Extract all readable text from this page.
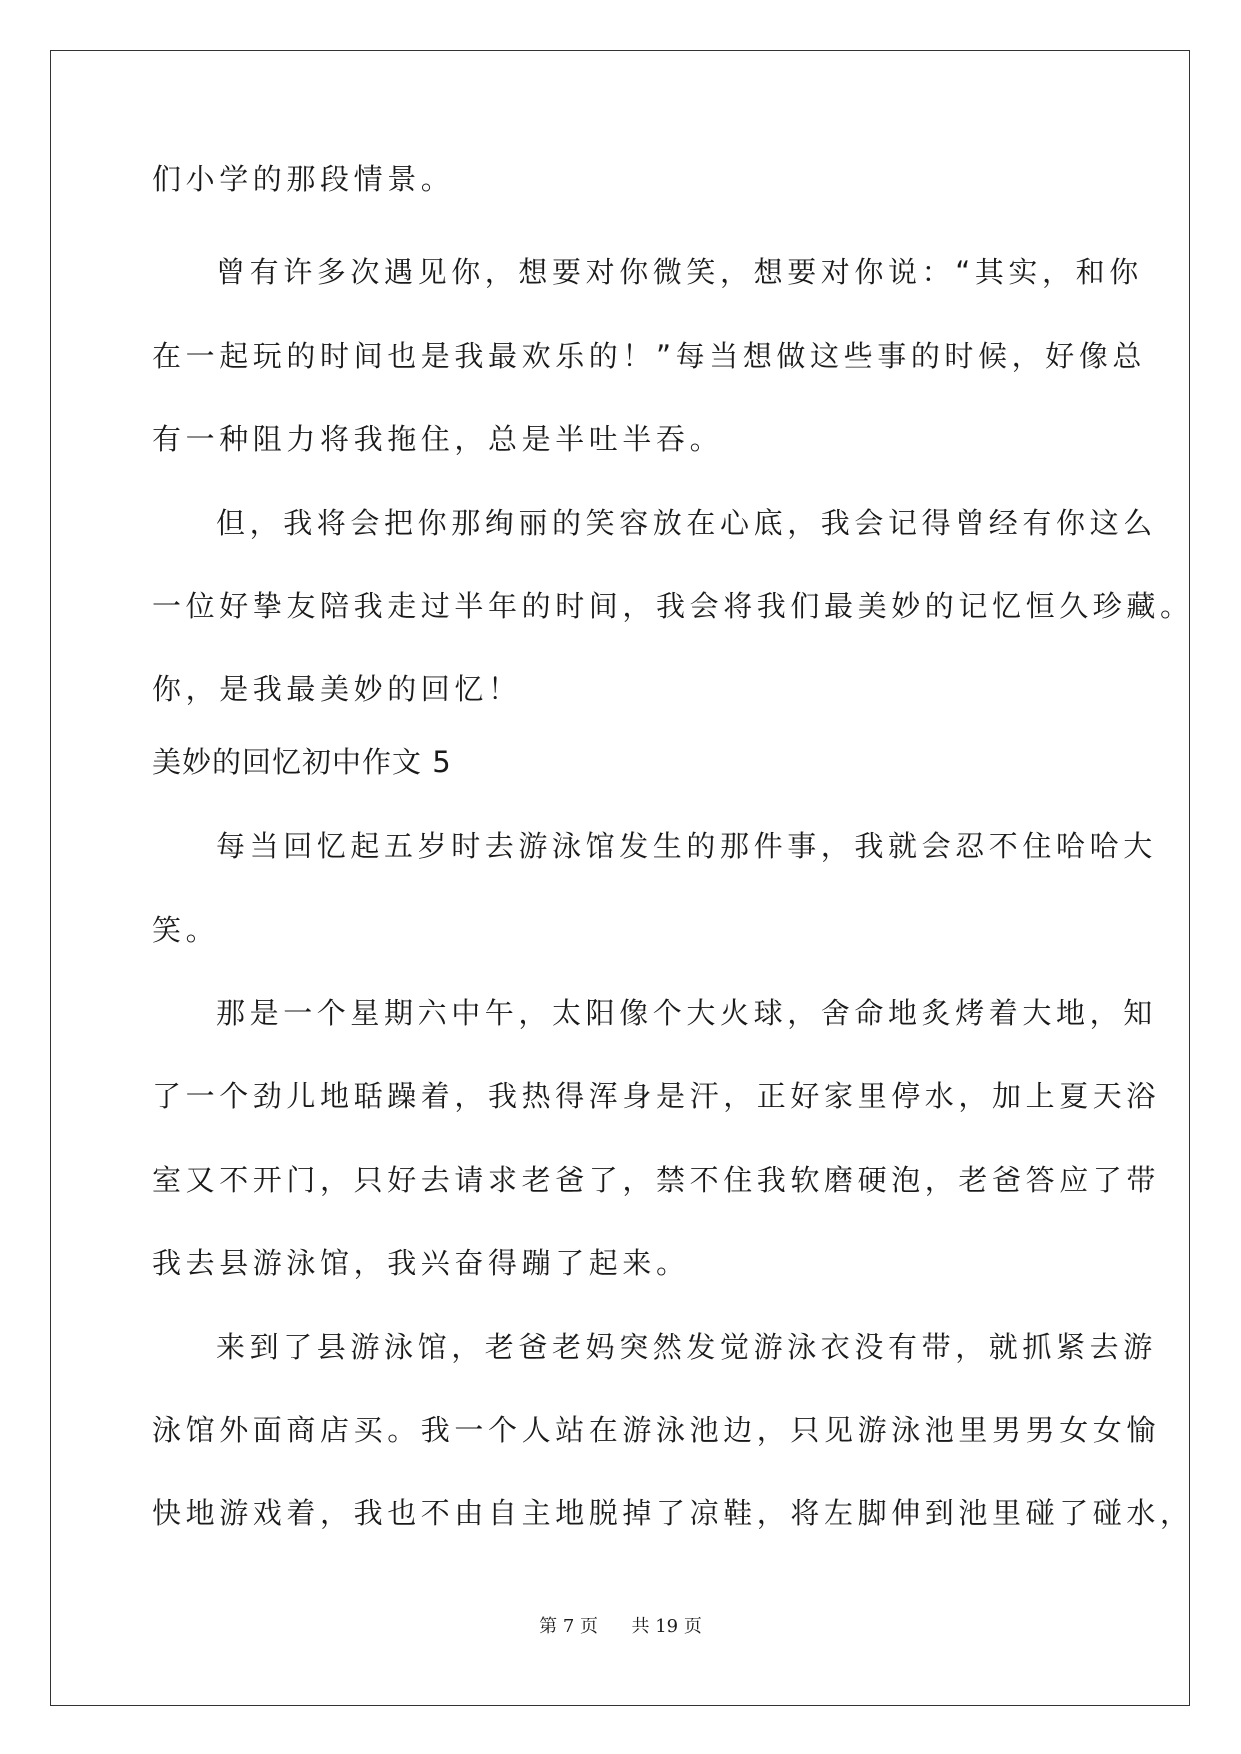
们小学的那段情景。
曾有许多次遇见你，想要对你微笑，想要对你说：“其实，和你
在一起玩的时间也是我最欢乐的！”每当想做这些事的时候，好像总
有一种阻力将我拖住，总是半吐半吞。
但，我将会把你那绚丽的笑容放在心底，我会记得曾经有你这么
一位好挚友陪我走过半年的时间，我会将我们最美妙的记忆恒久珍藏。
你，是我最美妙的回忆！
美妙的回忆初中作文 5
每当回忆起五岁时去游泳馆发生的那件事，我就会忍不住哈哈大
笑。
那是一个星期六中午，太阳像个大火球，舍命地炙烤着大地，知
了一个劲儿地聒躁着，我热得浑身是汗，正好家里停水，加上夏天浴
室又不开门，只好去请求老爸了，禁不住我软磨硬泡，老爸答应了带
我去县游泳馆，我兴奋得蹦了起来。
来到了县游泳馆，老爸老妈突然发觉游泳衣没有带，就抓紧去游
泳馆外面商店买。我一个人站在游泳池边，只见游泳池里男男女女愉
快地游戏着，我也不由自主地脱掉了凉鞋，将左脚伸到池里碰了碰水，
第 7 页 共 19 页
